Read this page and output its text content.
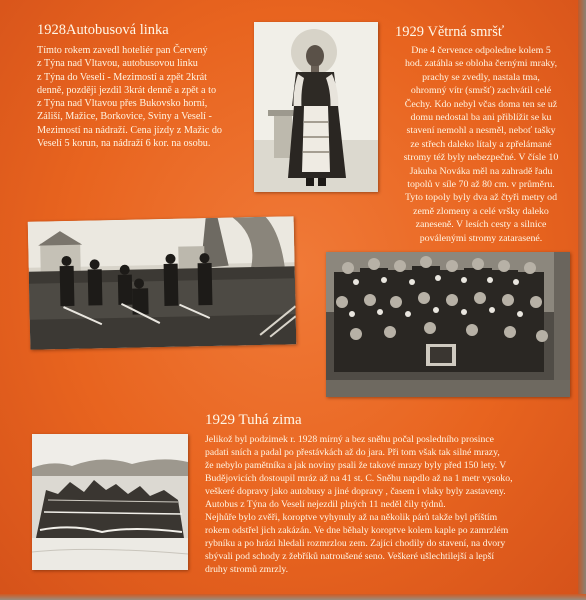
1928Autobusová linka

Tímto rokem zavedl hoteliér pan Červený
z Týna nad Vltavou, autobusovou linku
z Týna do Veselí - Mezimostí a zpět 2krát
denně, později jezdil 3krát denně a zpět a to
z Týna nad Vltavou přes Bukovsko horní,
Záliší, Mažice, Borkovice, Sviny a Veselí -
Mezimostí na nádraží. Cena jízdy z Mažic do
Veselí 5 korun, na nádraží 6 kor. na osobu.

1929 Větrná smršť

Dne 4 července odpoledne kolem 5
hod. zatáhla se obloha černými mraky,
prachy se zvedly, nastala tma,
ohromný vítr (smršť) zachvátil celé
Čechy. Kdo nebyl včas doma ten se už
domu nedostal ba ani přiblížit se ku
stavení nemohl a nesměl, neboť tašky
ze střech daleko lítaly a zpřelámané
stromy též byly nebezpečné. V čísle 10
Jakuba Nováka měl na zahradě řadu
topolů v síle 70 až 80 cm. v průměru.
Tyto topoly byly dva až čtyři metry od
země zlomeny a celé vršky daleko
zaneseně. V lesích cesty a silnice
poválenými stromy zatarasené.

1929 Tuhá zima

Jelikož byl podzimek r. 1928 mírný a bez sněhu počal posledního prosince
padati sních a padal po přestávkách až do jara. Při tom však tak silné mrazy,
že nebylo pamětníka a jak noviny psali že takové mrazy byly před 150 lety. V
Budějovicích dostoupil mráz až na 41 st. C. Sněhu napdlo až na 1 metr vysoko,
veškeré dopravy jako autobusy a jiné dopravy , časem i vlaky byly zastaveny.
Autobus z Týna do Veselí nejezdil plných 11 neděl čily týdnů.
Nejhůře bylo zvěři, koroptve vyhynuly až na několik párů takže byl příštím
rokem odstřel jich zakázán. Ve dne běhaly koroptve kolem kaple po zamrzlém
rybníku a po hrázi hledali rozmrzlou zem. Zajíci chodily do stavení, na dvory
sbývali pod schody z žebříků natroušené seno. Veškeré ušlechtilejší a lepší
druhy stromů zmrzly.
